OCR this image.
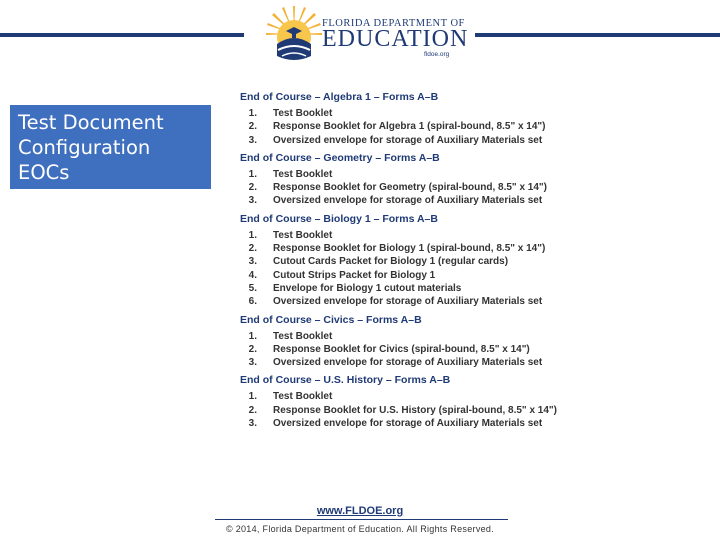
FLORIDA DEPARTMENT OF
EDUCATION
fldoe.org
Test Document
Configuration
EOCs
End of Course – Algebra 1 – Forms A–B
1. Test Booklet
2. Response Booklet for Algebra 1 (spiral-bound, 8.5" x 14")
3. Oversized envelope for storage of Auxiliary Materials set
End of Course – Geometry – Forms A–B
1. Test Booklet
2. Response Booklet for Geometry (spiral-bound, 8.5" x 14")
3. Oversized envelope for storage of Auxiliary Materials set
End of Course – Biology 1 – Forms A–B
1. Test Booklet
2. Response Booklet for Biology 1 (spiral-bound, 8.5" x 14")
3. Cutout Cards Packet for Biology 1 (regular cards)
4. Cutout Strips Packet for Biology 1
5. Envelope for Biology 1 cutout materials
6. Oversized envelope for storage of Auxiliary Materials set
End of Course – Civics – Forms A–B
1. Test Booklet
2. Response Booklet for Civics (spiral-bound, 8.5" x 14")
3. Oversized envelope for storage of Auxiliary Materials set
End of Course – U.S. History – Forms A–B
1. Test Booklet
2. Response Booklet for U.S. History (spiral-bound, 8.5" x 14")
3. Oversized envelope for storage of Auxiliary Materials set
www.FLDOE.org
© 2014, Florida Department of Education. All Rights Reserved.
